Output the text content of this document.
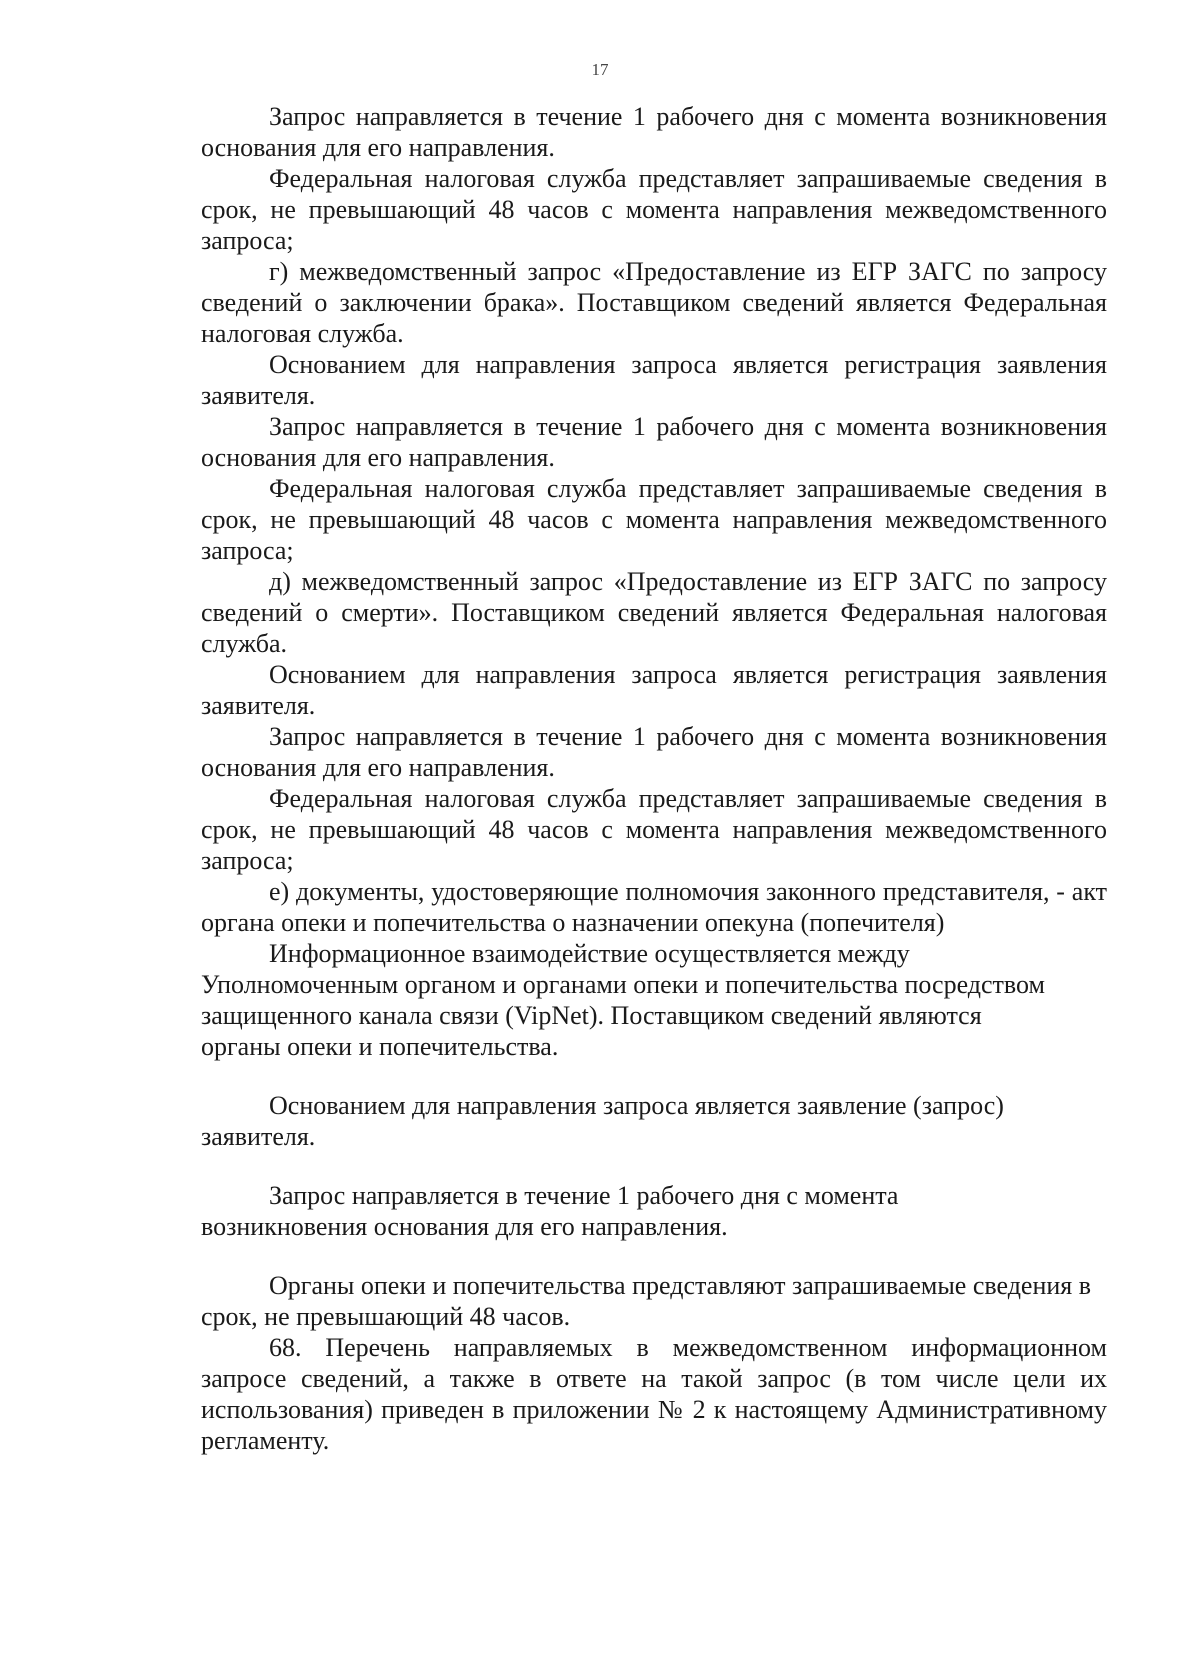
17

Запрос направляется в течение 1 рабочего дня с момента возникновения основания для его направления.

Федеральная налоговая служба представляет запрашиваемые сведения в срок, не превышающий 48 часов с момента направления межведомственного запроса;

г) межведомственный запрос «Предоставление из ЕГР ЗАГС по запросу сведений о заключении брака». Поставщиком сведений является Федеральная налоговая служба.

Основанием для направления запроса является регистрация заявления заявителя.

Запрос направляется в течение 1 рабочего дня с момента возникновения основания для его направления.

Федеральная налоговая служба представляет запрашиваемые сведения в срок, не превышающий 48 часов с момента направления межведомственного запроса;

д) межведомственный запрос «Предоставление из ЕГР ЗАГС по запросу сведений о смерти». Поставщиком сведений является Федеральная налоговая служба.

Основанием для направления запроса является регистрация заявления заявителя.

Запрос направляется в течение 1 рабочего дня с момента возникновения основания для его направления.

Федеральная налоговая служба представляет запрашиваемые сведения в срок, не превышающий 48 часов с момента направления межведомственного запроса;

е) документы, удостоверяющие полномочия законного представителя, - акт органа опеки и попечительства о назначении опекуна (попечителя)

Информационное взаимодействие осуществляется между Уполномоченным органом и органами опеки и попечительства посредством защищенного канала связи (VipNet). Поставщиком сведений являются органы опеки и попечительства.

Основанием для направления запроса является заявление (запрос) заявителя.

Запрос направляется в течение 1 рабочего дня с момента возникновения основания для его направления.

Органы опеки и попечительства представляют запрашиваемые сведения в срок, не превышающий 48 часов.

68. Перечень направляемых в межведомственном информационном запросе сведений, а также в ответе на такой запрос (в том числе цели их использования) приведен в приложении № 2 к настоящему Административному регламенту.
